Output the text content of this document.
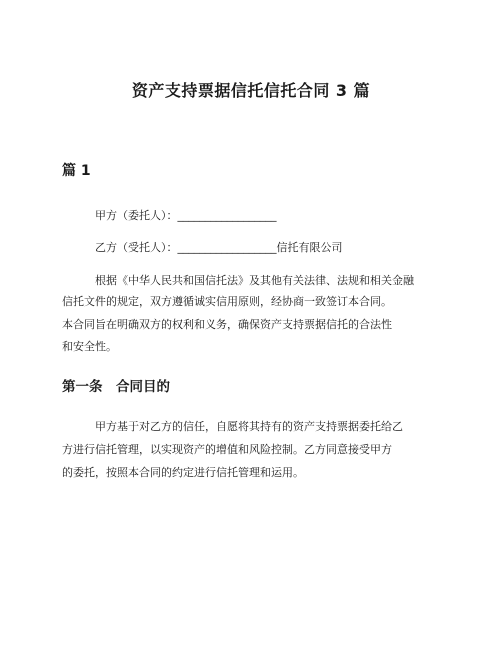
资产支持票据信托信托合同 3 篇
篇 1
甲方（委托人）：__________________
乙方（受托人）：__________________信托有限公司
根据《中华人民共和国信托法》及其他有关法律、法规和相关金融
信托文件的规定，双方遵循诚实信用原则，经协商一致签订本合同。
本合同旨在明确双方的权利和义务，确保资产支持票据信托的合法性
和安全性。
第一条　合同目的
甲方基于对乙方的信任，自愿将其持有的资产支持票据委托给乙
方进行信托管理，以实现资产的增值和风险控制。乙方同意接受甲方
的委托，按照本合同的约定进行信托管理和运用。
